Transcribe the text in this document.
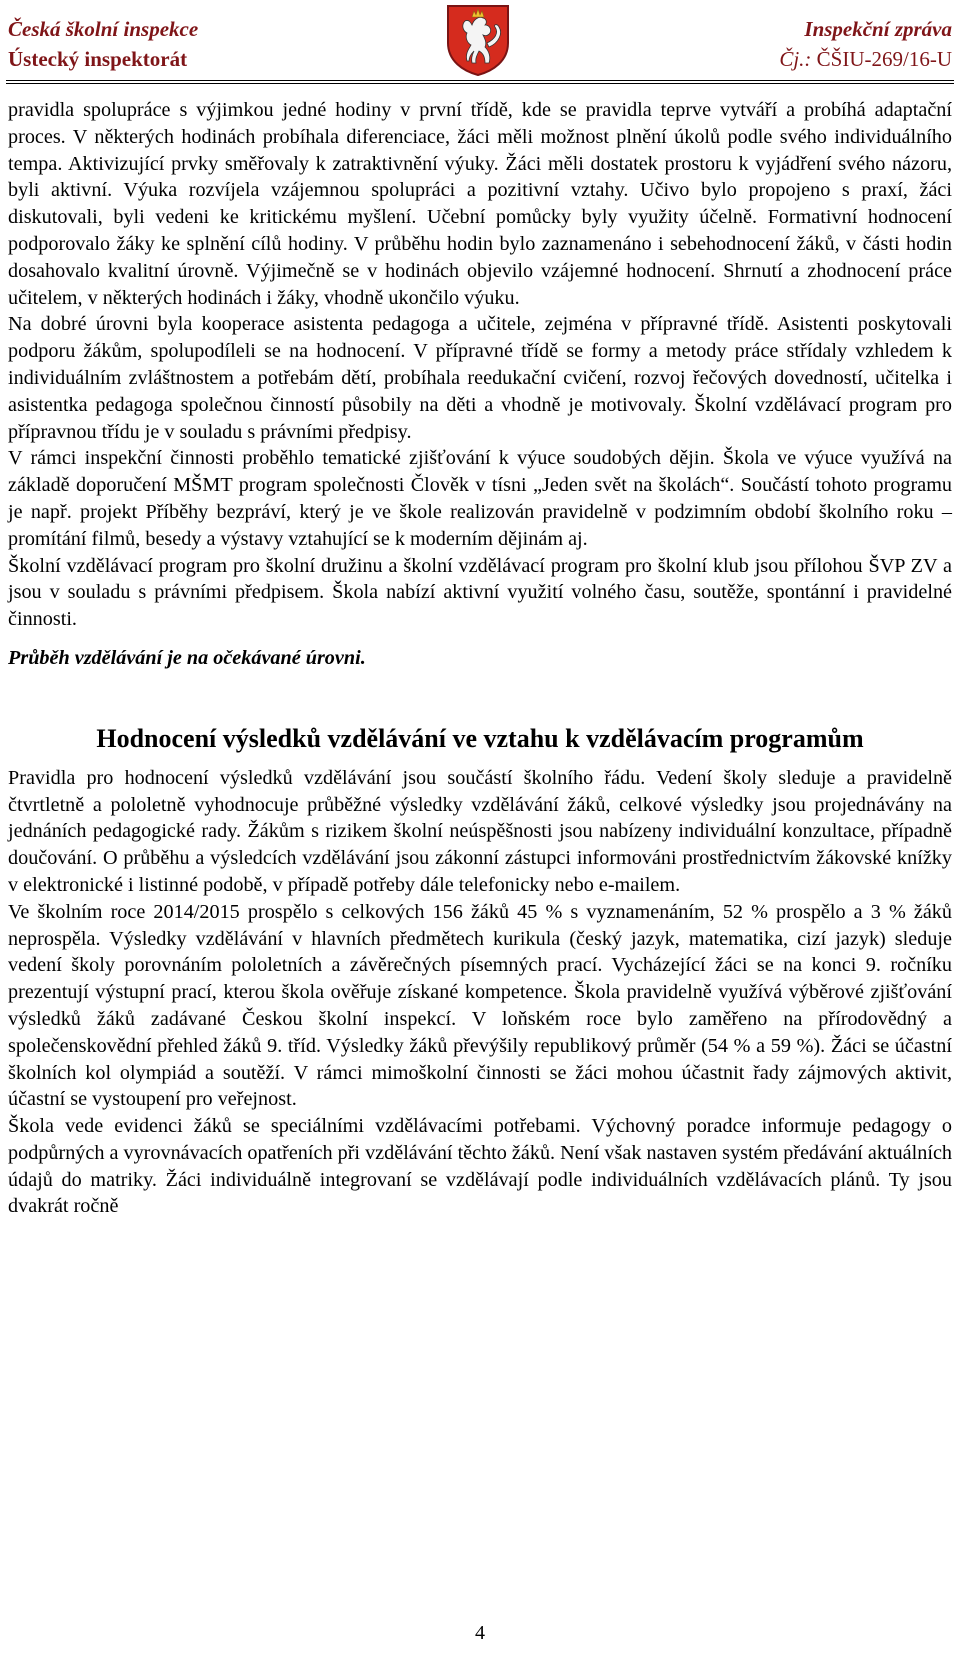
Česká školní inspekce
Ústecký inspektorát
Inspekční zpráva
Čj.: ČŠIU-269/16-U

pravidla spolupráce s výjimkou jedné hodiny v první třídě, kde se pravidla teprve vytváří a probíhá adaptační proces. V některých hodinách probíhala diferenciace, žáci měli možnost plnění úkolů podle svého individuálního tempa. Aktivizující prvky směřovaly k zatraktivnění výuky. Žáci měli dostatek prostoru k vyjádření svého názoru, byli aktivní. Výuka rozvíjela vzájemnou spolupráci a pozitivní vztahy. Učivo bylo propojeno s praxí, žáci diskutovali, byli vedeni ke kritickému myšlení. Učební pomůcky byly využity účelně. Formativní hodnocení podporovalo žáky ke splnění cílů hodiny. V průběhu hodin bylo zaznamenáno i sebehodnocení žáků, v části hodin dosahovalo kvalitní úrovně. Výjimečně se v hodinách objevilo vzájemné hodnocení. Shrnutí a zhodnocení práce učitelem, v některých hodinách i žáky, vhodně ukončilo výuku.

Na dobré úrovni byla kooperace asistenta pedagoga a učitele, zejména v přípravné třídě. Asistenti poskytovali podporu žákům, spolupodíleli se na hodnocení. V přípravné třídě se formy a metody práce střídaly vzhledem k individuálním zvláštnostem a potřebám dětí, probíhala reedukační cvičení, rozvoj řečových dovedností, učitelka i asistentka pedagoga společnou činností působily na děti a vhodně je motivovaly. Školní vzdělávací program pro přípravnou třídu je v souladu s právními předpisy.

V rámci inspekční činnosti proběhlo tematické zjišťování k výuce soudobých dějin. Škola ve výuce využívá na základě doporučení MŠMT program společnosti Člověk v tísni „Jeden svět na školách“. Součástí tohoto programu je např. projekt Příběhy bezpráví, který je ve škole realizován pravidelně v podzimním období školního roku – promítání filmů, besedy a výstavy vztahující se k moderním dějinám aj.

Školní vzdělávací program pro školní družinu a školní vzdělávací program pro školní klub jsou přílohou ŠVP ZV a jsou v souladu s právními předpisem. Škola nabízí aktivní využití volného času, soutěže, spontánní i pravidelné činnosti.

Průběh vzdělávání je na očekávané úrovni.

Hodnocení výsledků vzdělávání ve vztahu k vzdělávacím programům

Pravidla pro hodnocení výsledků vzdělávání jsou součástí školního řádu. Vedení školy sleduje a pravidelně čtvrtletně a pololetně vyhodnocuje průběžné výsledky vzdělávání žáků, celkové výsledky jsou projednávány na jednáních pedagogické rady. Žákům s rizikem školní neúspěšnosti jsou nabízeny individuální konzultace, případně doučování. O průběhu a výsledcích vzdělávání jsou zákonní zástupci informováni prostřednictvím žákovské knížky v elektronické i listinné podobě, v případě potřeby dále telefonicky nebo e-mailem.

Ve školním roce 2014/2015 prospělo s celkových 156 žáků 45 % s vyznamenáním, 52 % prospělo a 3 % žáků neprospěla. Výsledky vzdělávání v hlavních předmětech kurikula (český jazyk, matematika, cizí jazyk) sleduje vedení školy porovnáním pololetních a závěrečných písemných prací. Vycházející žáci se na konci 9. ročníku prezentují výstupní prací, kterou škola ověřuje získané kompetence. Škola pravidelně využívá výběrové zjišťování výsledků žáků zadávané Českou školní inspekcí. V loňském roce bylo zaměřeno na přírodovědný a společenskovědní přehled žáků 9. tříd. Výsledky žáků převýšily republikový průměr (54 % a 59 %). Žáci se účastní školních kol olympiád a soutěží. V rámci mimoškolní činnosti se žáci mohou účastnit řady zájmových aktivit, účastní se vystoupení pro veřejnost.

Škola vede evidenci žáků se speciálními vzdělávacími potřebami. Výchovný poradce informuje pedagogy o podpůrných a vyrovnávacích opatřeních při vzdělávání těchto žáků. Není však nastaven systém předávání aktuálních údajů do matriky. Žáci individuálně integrovaní se vzdělávají podle individuálních vzdělávacích plánů. Ty jsou dvakrát ročně

4
